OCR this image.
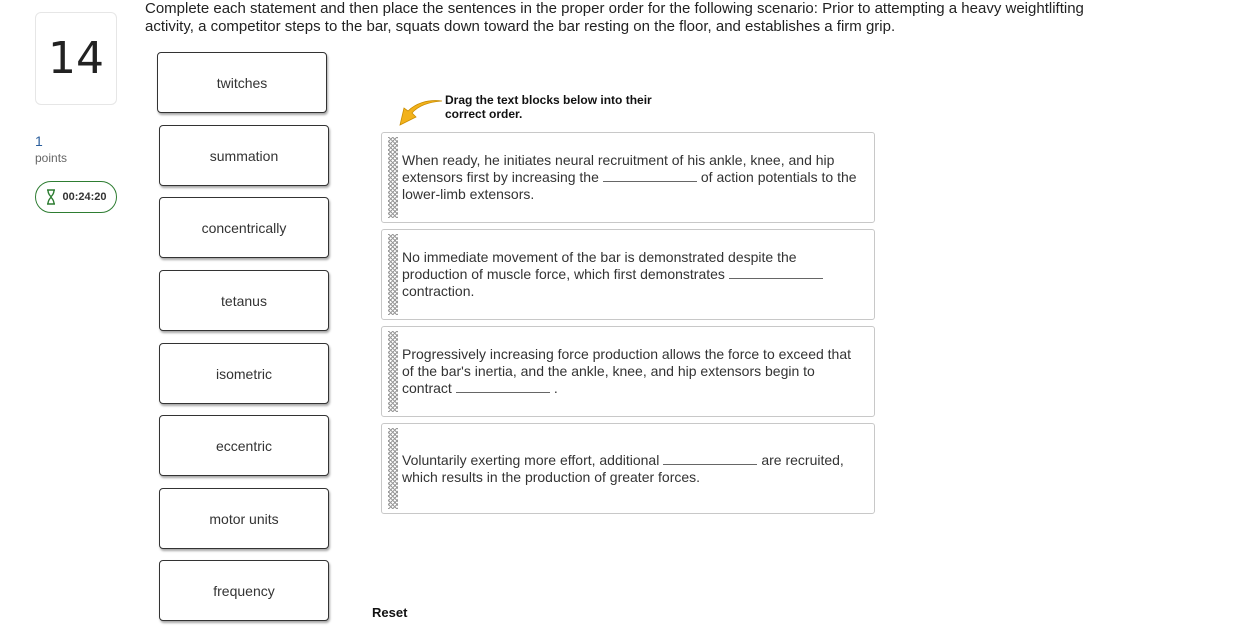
14
1
points
00:24:20
Complete each statement and then place the sentences in the proper order for the following scenario: Prior to attempting a heavy weightlifting activity, a competitor steps to the bar, squats down toward the bar resting on the floor, and establishes a firm grip.
twitches
summation
concentrically
tetanus
isometric
eccentric
motor units
frequency
Drag the text blocks below into their correct order.

When ready, he initiates neural recruitment of his ankle, knee, and hip extensors first by increasing the	of action potentials to the lower-limb extensors.

No immediate movement of the bar is demonstrated despite the production of muscle force, which first demonstratescontraction.

Progressively increasing force production allows the force to exceed that of the bar's inertia, and the ankle, knee, and hip extensors begin to contract	.

Voluntarily exerting more effort, additional	are recruited, which results in the production of greater forces.

Reset
